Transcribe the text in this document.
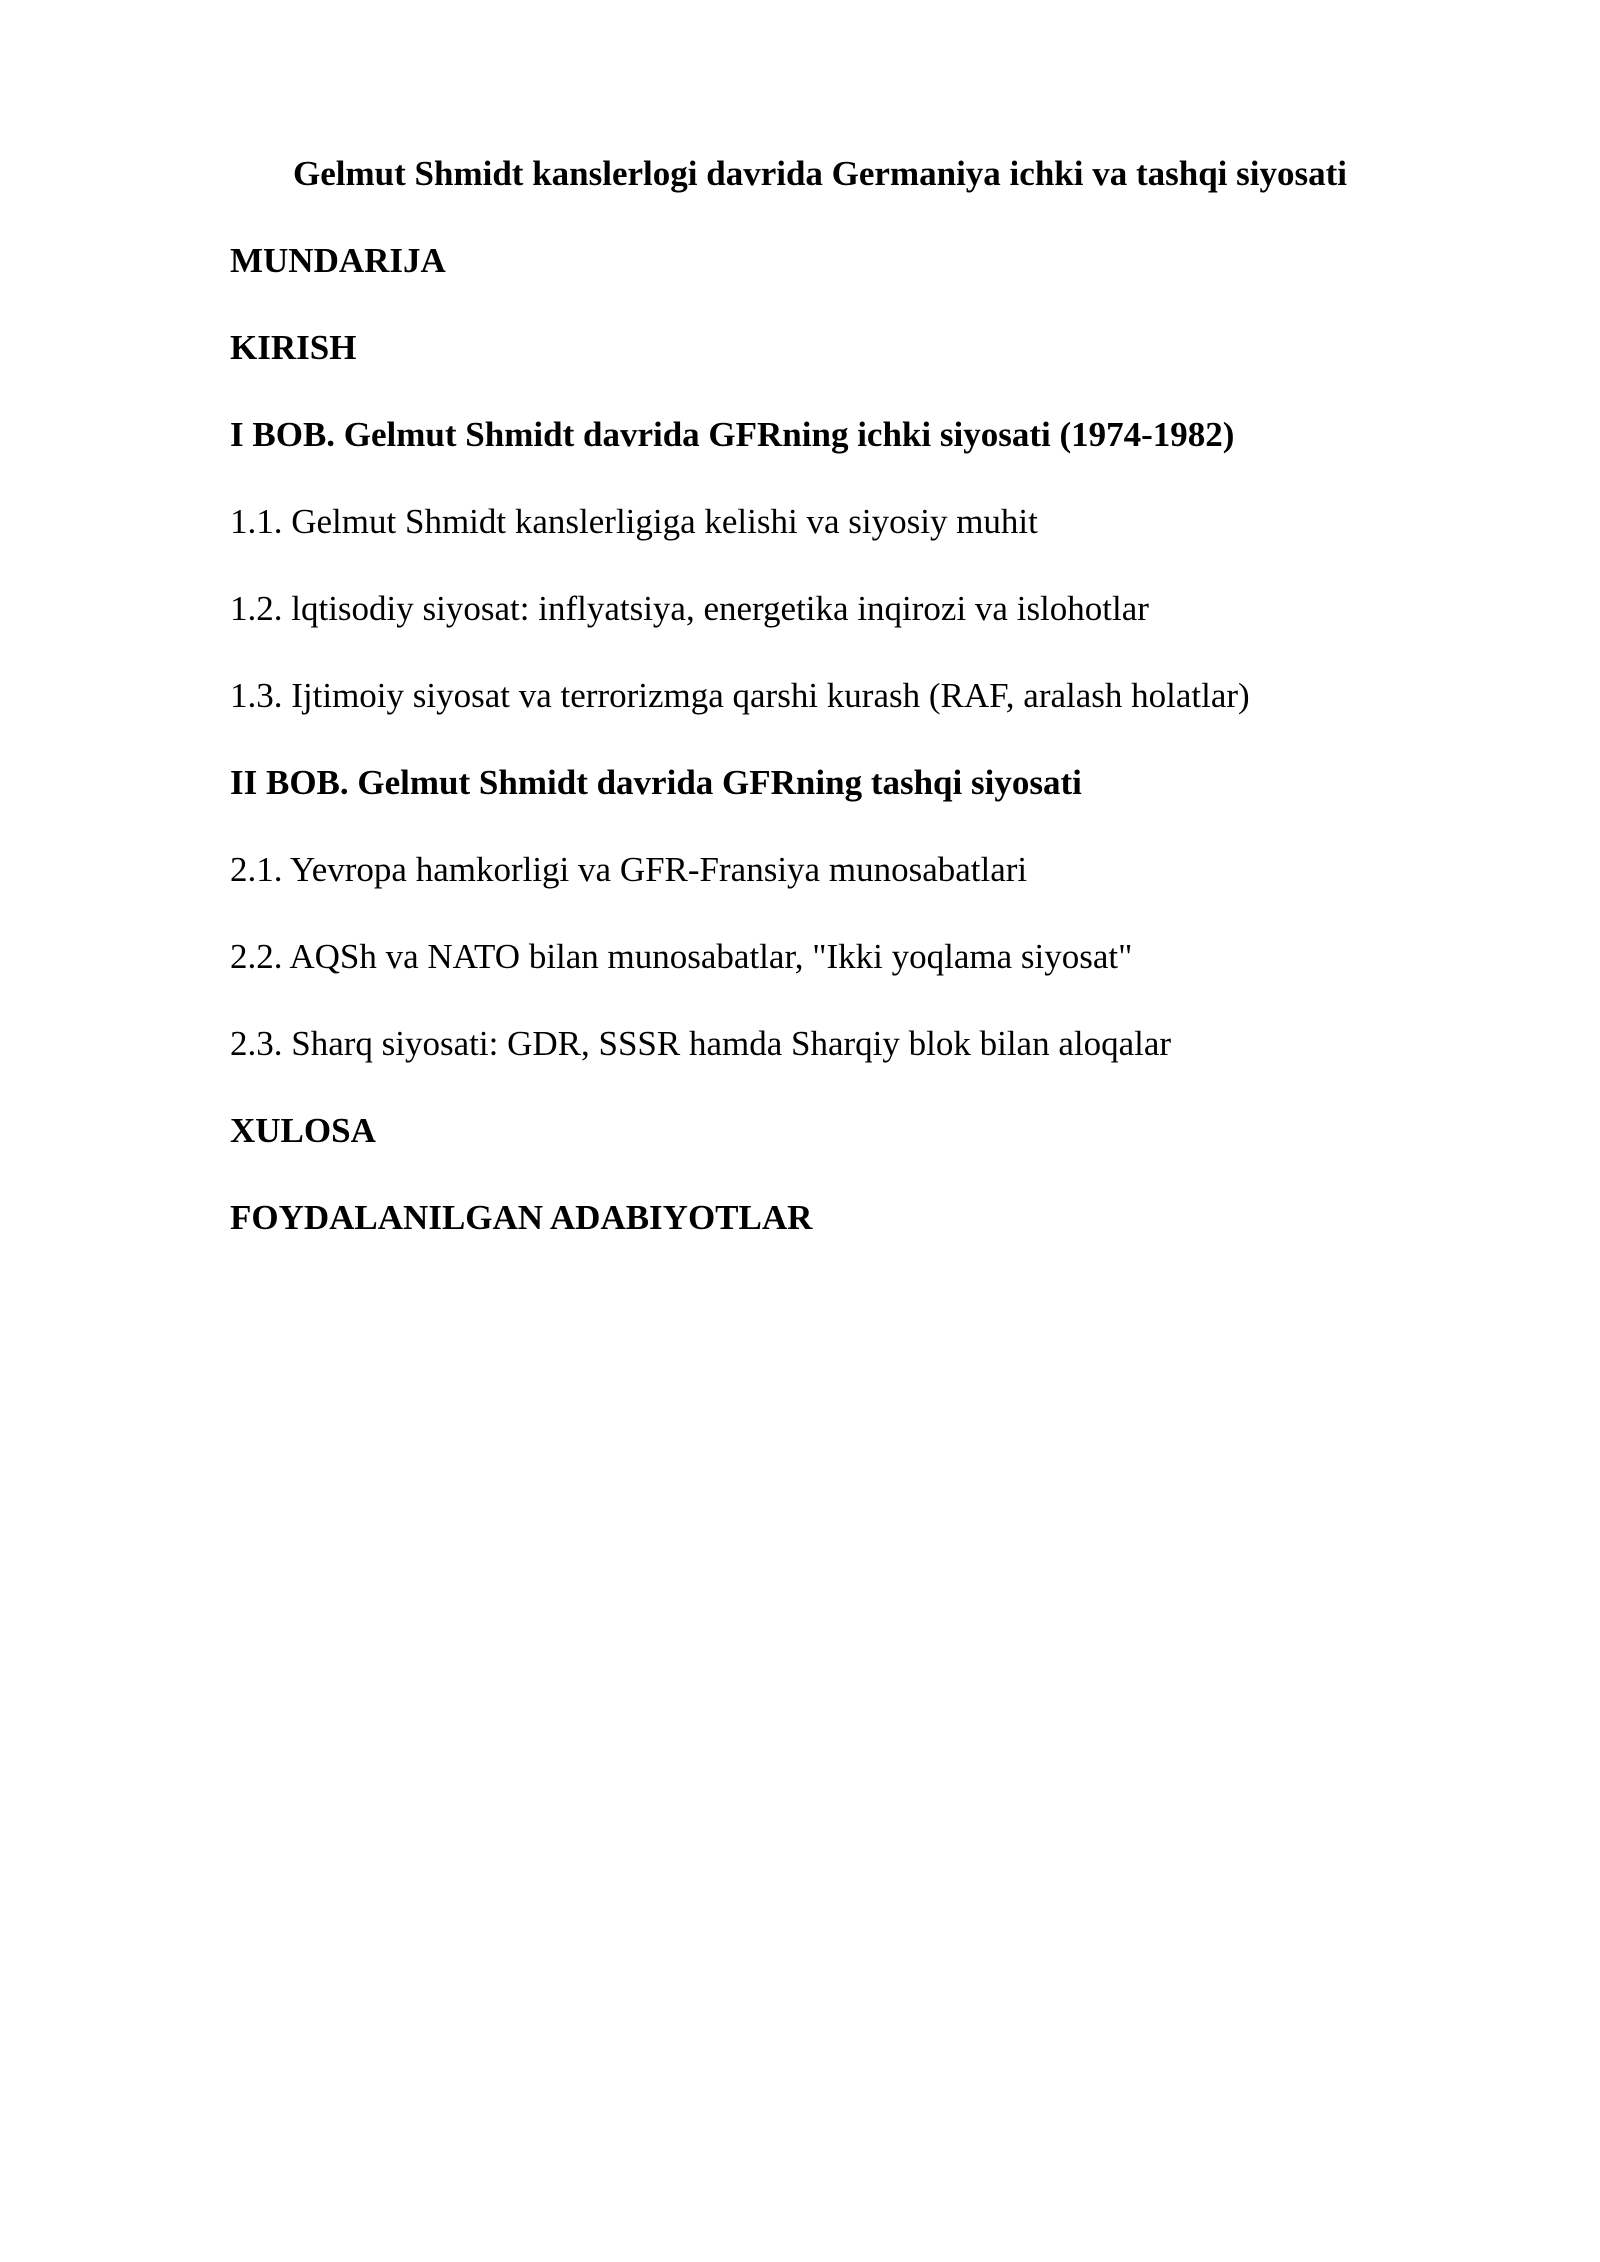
Gelmut Shmidt kanslerlogi davrida Germaniya ichki va tashqi siyosati
MUNDARIJA
KIRISH
I BOB. Gelmut Shmidt davrida GFRning ichki siyosati (1974-1982)
1.1. Gelmut Shmidt kanslerligiga kelishi va siyosiy muhit
1.2. lqtisodiy siyosat: inflyatsiya, energetika inqirozi va islohotlar
1.3. Ijtimoiy siyosat va terrorizmga qarshi kurash (RAF, aralash holatlar)
II BOB. Gelmut Shmidt davrida GFRning tashqi siyosati
2.1. Yevropa hamkorligi va GFR-Fransiya munosabatlari
2.2. AQSh va NATO bilan munosabatlar, "Ikki yoqlama siyosat"
2.3. Sharq siyosati: GDR, SSSR hamda Sharqiy blok bilan aloqalar
XULOSA
FOYDALANILGAN ADABIYOTLAR
